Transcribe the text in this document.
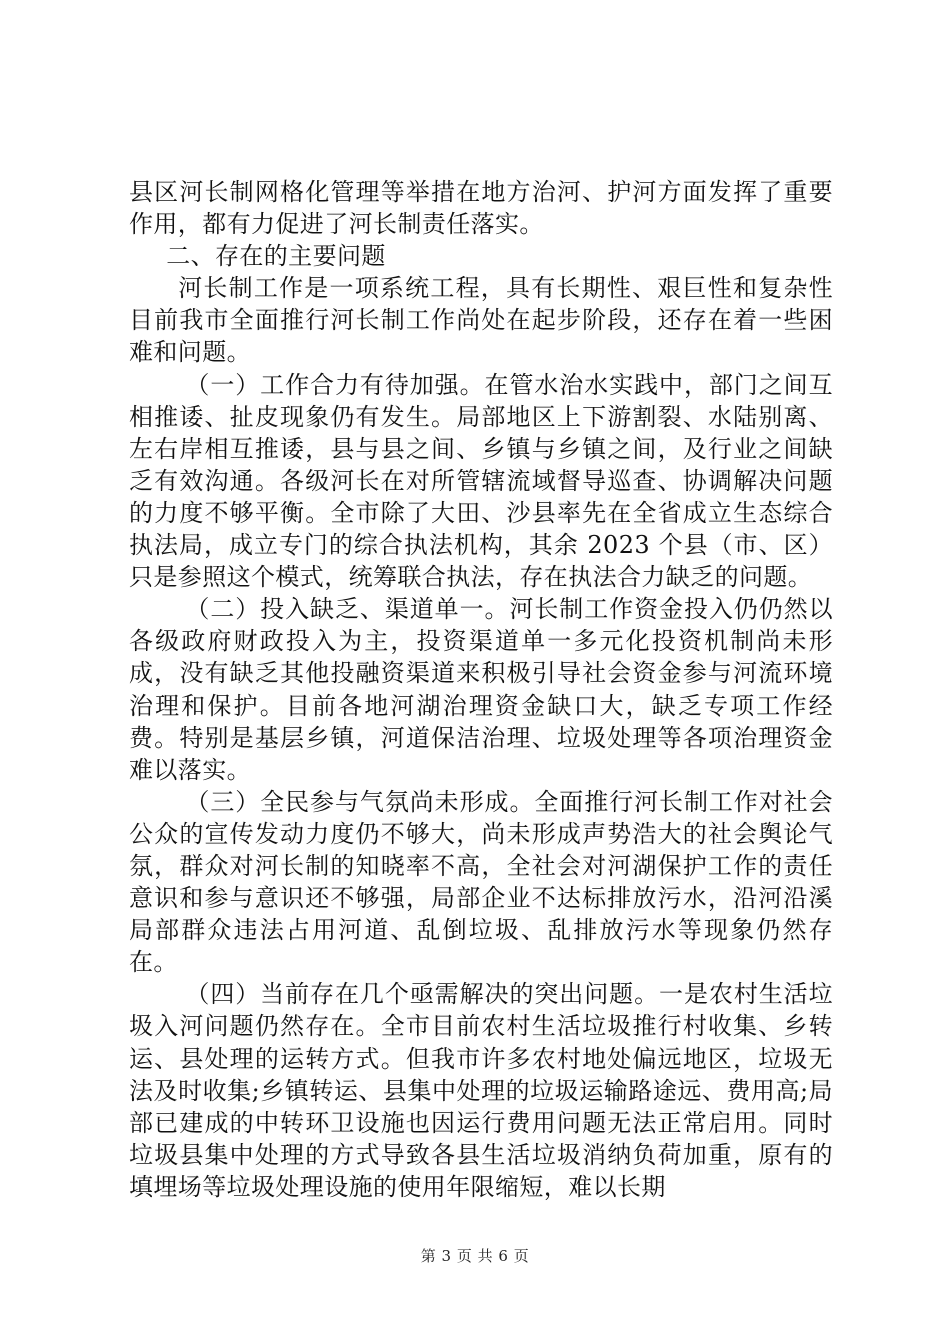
县区河长制网格化管理等举措在地方治河、护河方面发挥了重要作用，都有力促进了河长制责任落实。

二、存在的主要问题

河长制工作是一项系统工程，具有长期性、艰巨性和复杂性目前我市全面推行河长制工作尚处在起步阶段，还存在着一些困难和问题。

（一）工作合力有待加强。在管水治水实践中，部门之间互相推诿、扯皮现象仍有发生。局部地区上下游割裂、水陆别离、左右岸相互推诿，县与县之间、乡镇与乡镇之间，及行业之间缺乏有效沟通。各级河长在对所管辖流域督导巡查、协调解决问题的力度不够平衡。全市除了大田、沙县率先在全省成立生态综合执法局，成立专门的综合执法机构，其余 2023 个县（市、区）只是参照这个模式，统筹联合执法，存在执法合力缺乏的问题。

（二）投入缺乏、渠道单一。河长制工作资金投入仍仍然以各级政府财政投入为主，投资渠道单一多元化投资机制尚未形成，没有缺乏其他投融资渠道来积极引导社会资金参与河流环境治理和保护。目前各地河湖治理资金缺口大，缺乏专项工作经费。特别是基层乡镇，河道保洁治理、垃圾处理等各项治理资金难以落实。

（三）全民参与气氛尚未形成。全面推行河长制工作对社会公众的宣传发动力度仍不够大，尚未形成声势浩大的社会舆论气氛，群众对河长制的知晓率不高，全社会对河湖保护工作的责任意识和参与意识还不够强，局部企业不达标排放污水，沿河沿溪局部群众违法占用河道、乱倒垃圾、乱排放污水等现象仍然存在。

（四）当前存在几个亟需解决的突出问题。一是农村生活垃圾入河问题仍然存在。全市目前农村生活垃圾推行村收集、乡转运、县处理的运转方式。但我市许多农村地处偏远地区，垃圾无法及时收集;乡镇转运、县集中处理的垃圾运输路途远、费用高;局部已建成的中转环卫设施也因运行费用问题无法正常启用。同时垃圾县集中处理的方式导致各县生活垃圾消纳负荷加重，原有的填埋场等垃圾处理设施的使用年限缩短，难以长期

第 3 页 共 6 页
